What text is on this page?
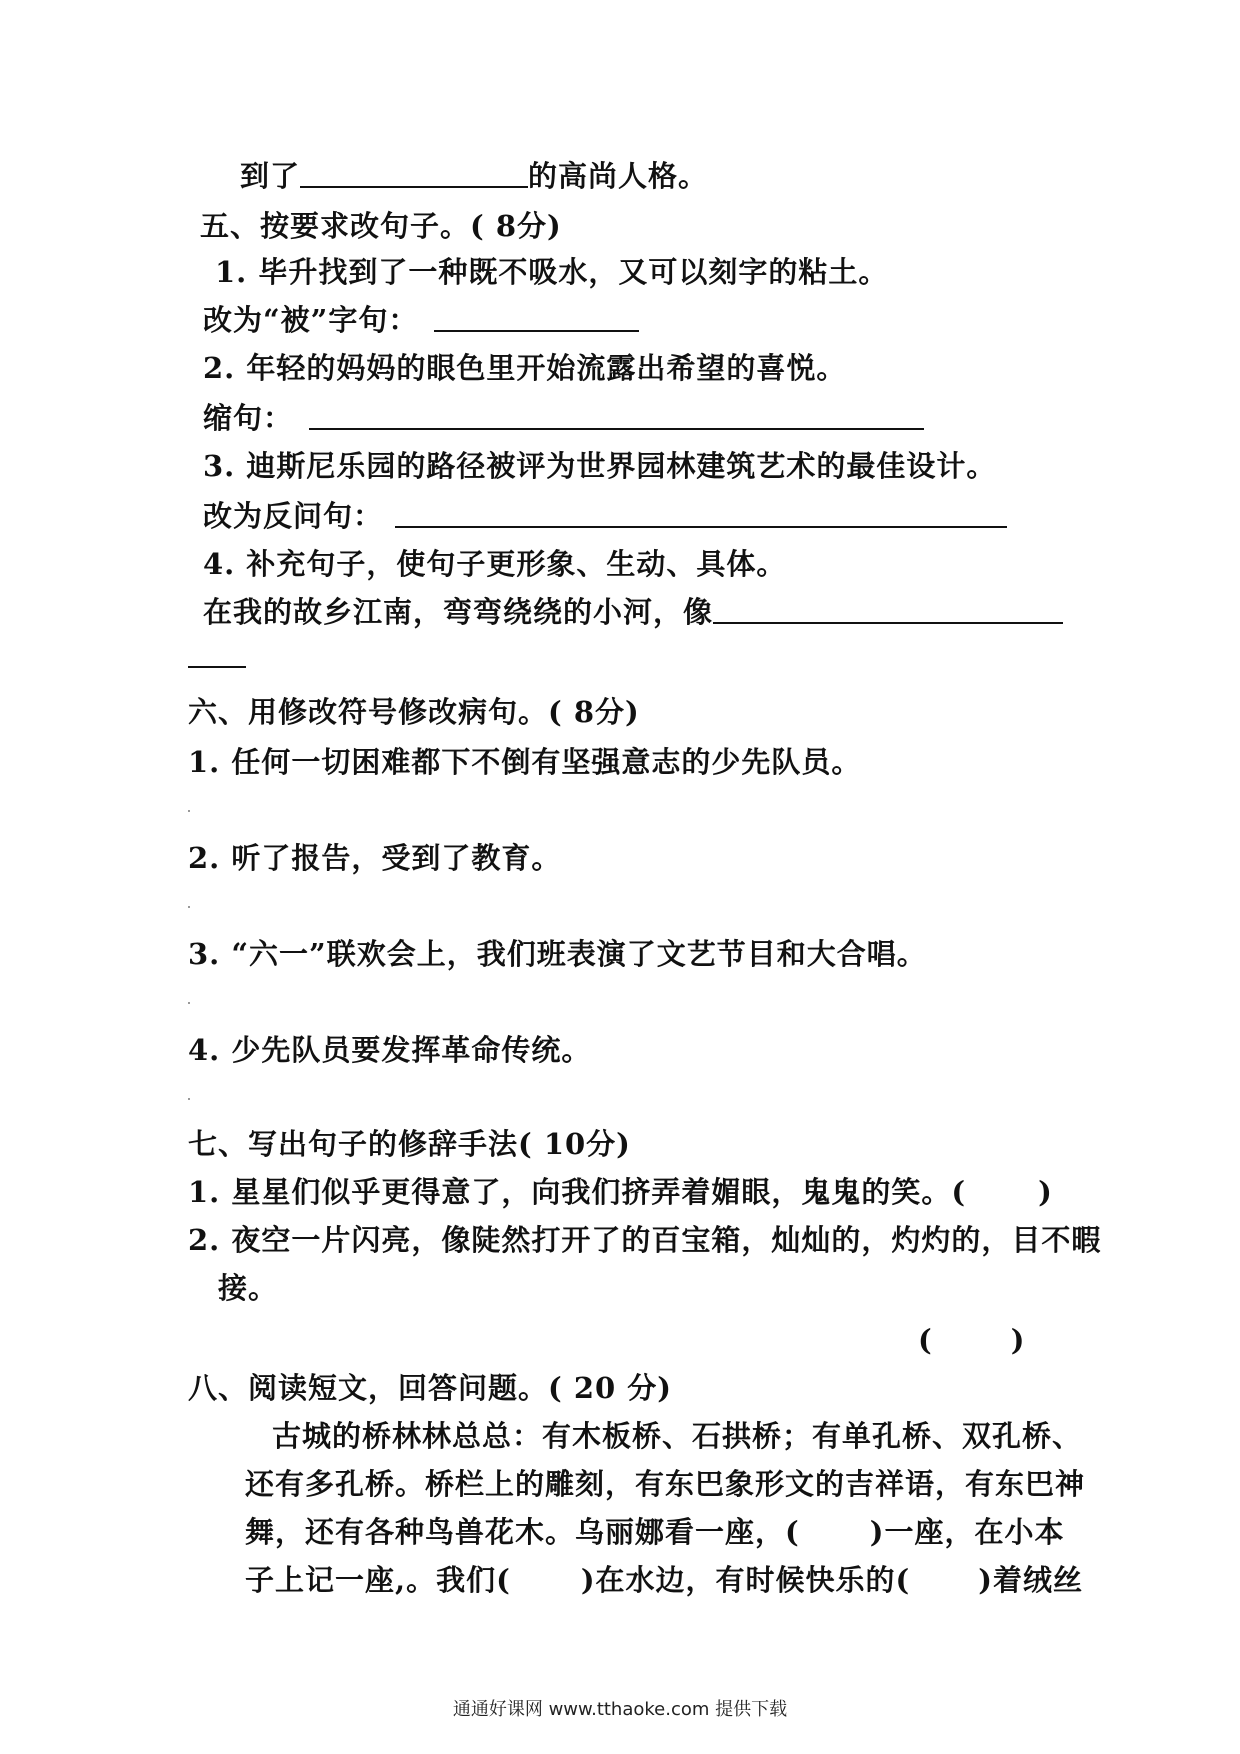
到了	的高尚人格。
五、按要求改句子。( 8分)
1. 毕升找到了一种既不吸水，又可以刻字的粘土。
改为“被”字句：
2. 年轻的妈妈的眼色里开始流露出希望的喜悦。
缩句：
3. 迪斯尼乐园的路径被评为世界园林建筑艺术的最佳设计。
改为反问句：
4. 补充句子，使句子更形象、生动、具体。
在我的故乡江南，弯弯绕绕的小河，像
六、用修改符号修改病句。( 8分)
1. 任何一切困难都下不倒有坚强意志的少先队员。
2. 听了报告，受到了教育。
3. “六一”联欢会上，我们班表演了文艺节目和大合唱。
4. 少先队员要发挥革命传统。
七、写出句子的修辞手法( 10分)
1. 星星们似乎更得意了，向我们挤弄着媚眼，鬼鬼的笑。( )
2. 夜空一片闪亮，像陡然打开了的百宝箱，灿灿的，灼灼的，目不暇
接。
(	)
八、阅读短文，回答问题。( 20 分)
古城的桥林林总总：有木板桥、石拱桥；有单孔桥、双孔桥、
还有多孔桥。桥栏上的雕刻，有东巴象形文的吉祥语，有东巴神
舞，还有各种鸟兽花木。乌丽娜看一座，( )一座，在小本
子上记一座,。我们( )在水边，有时候快乐的( )着绒丝
通通好课网 www.tthaoke.com 提供下载
